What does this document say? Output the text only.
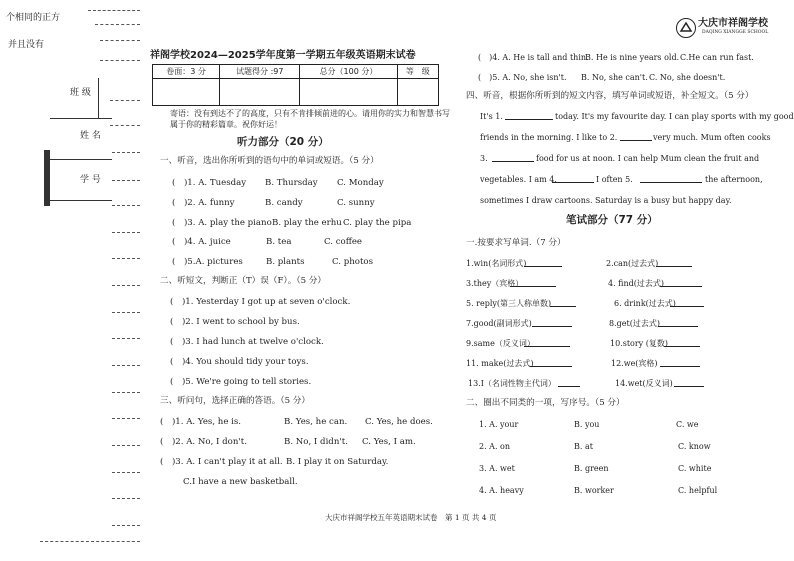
个相同的正方
并且没有
班 级
姓 名
学 号
祥阁学校2024—2025学年度第一学期五年级英语期末试卷
大庆市祥阁学校
DAQING XIANGGE SCHOOL
卷面：3 分	试题得分 :97	总分（100 分）	等　级

寄语：没有到达不了的高度，只有不肯排倾前进的心。请用你的实力和智慧书写属于你的精彩篇章。祝你好运！
听力部分（20 分）
一、听音，选出你所听到的语句中的单词或短语。（5 分）
(　)1. A. Tuesday B. Thursday C. Monday
(　)2. A. funny	B. candy	C. sunny
(　)3. A. play the piano B. play the erhu C. play the pipa
(　)4. A. juice	B. tea	C. coffee
(　)5.A. pictures	B. plants	C. photos
二、听短文，判断正（T）误（F）。（5 分）
(　)1. Yesterday I got up at seven o'clock.
(　)2. I went to school by bus.
(　)3. I had lunch at twelve o'clock.
(　)4. You should tidy your toys.
(　)5. We're going to tell stories.
三、听问句，选择正确的答语。（5 分）
(　)1. A. Yes, he is.	B. Yes, he can. C. Yes, he does.
(　)2. A. No, I don't.	B. No, I didn't. C. Yes, I am.
(　)3. A. I can't play it at all. B. I play it on Saturday.
C.I have a new basketball.
(　)4. A. He is tall and thin.
B. He is nine years old. C.He can run fast.
(　)5. A. No, she isn't. B. No, she can't. C. No, she doesn't.
四、听音，根据你所听到的短文内容，填写单词或短语，补全短文。（5 分）
It's 1.	today. It's my favourite day. I can play sports with my good
friends in the morning. I like to 2.	very much. Mum often cooks
3.	food for us at noon. I can help Mum clean the fruit and
vegetables. I am 4.	I often 5.	the afternoon,
sometimes I draw cartoons. Saturday is a busy but happy day.
笔试部分（77 分）
一.按要求写单词.（7 分）
1.win(名词形式)	2.can(过去式)
3.they（宾格）	4. find(过去式)
5. reply(第三人称单数)	6. drink(过去式)
7.good(副词形式)	8.get(过去式)
9.same（反义词）	10.story (复数)
11. make(过去式)	12.we(宾格)
13.I（名词性物主代词）	14.wet(反义词)
二、圈出不同类的一项，写序号。（5 分）
1. A. your	B. you	C. we
2. A. on	B. at	C. know
3. A. wet	B. green	C. white
4. A. heavy	B. worker	C. helpful
大庆市祥阁学校五年英语期末试卷　第 1 页 共 4 页
